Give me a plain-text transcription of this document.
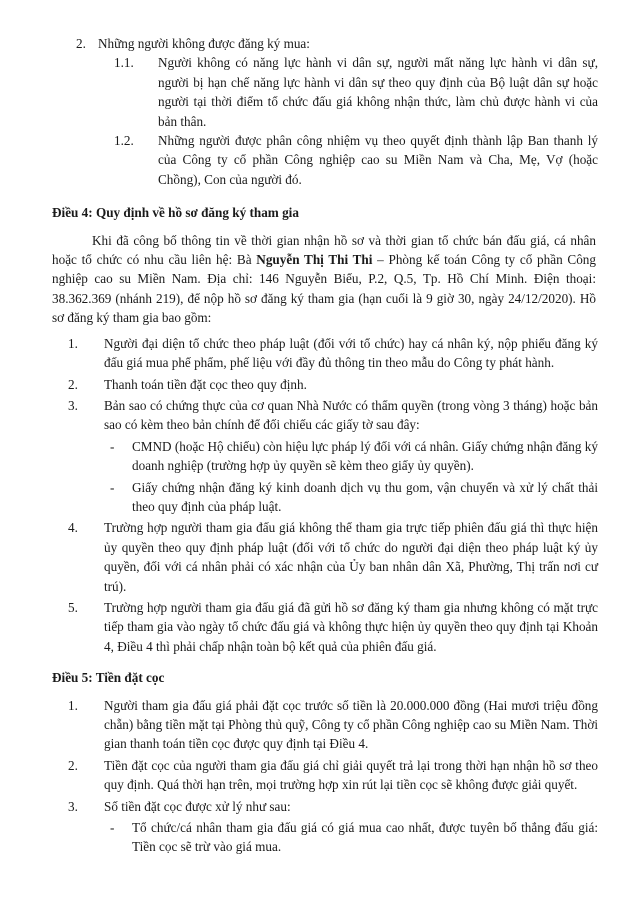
2. Những người không được đăng ký mua:
1.1.	Người không có năng lực hành vi dân sự, người mất năng lực hành vi dân sự, người bị hạn chế năng lực hành vi dân sự theo quy định của Bộ luật dân sự hoặc người tại thời điểm tổ chức đấu giá không nhận thức, làm chủ được hành vi của bản thân.
1.2.	Những người được phân công nhiệm vụ theo quyết định thành lập Ban thanh lý của Công ty cổ phần Công nghiệp cao su Miền Nam và Cha, Mẹ, Vợ (hoặc Chồng), Con của người đó.
Điều 4: Quy định về hồ sơ đăng ký tham gia
Khi đã công bố thông tin về thời gian nhận hồ sơ và thời gian tổ chức bán đấu giá, cá nhân hoặc tổ chức có nhu cầu liên hệ: Bà Nguyễn Thị Thi Thi – Phòng kế toán Công ty cổ phần Công nghiệp cao su Miền Nam. Địa chỉ: 146 Nguyễn Biểu, P.2, Q.5, Tp. Hồ Chí Minh. Điện thoại: 38.362.369 (nhánh 219), để nộp hồ sơ đăng ký tham gia (hạn cuối là 9 giờ 30, ngày 24/12/2020). Hồ sơ đăng ký tham gia bao gồm:
1.	Người đại diện tổ chức theo pháp luật (đối với tổ chức) hay cá nhân ký, nộp phiếu đăng ký đấu giá mua phế phẩm, phế liệu với đầy đủ thông tin theo mẫu do Công ty phát hành.
2.	Thanh toán tiền đặt cọc theo quy định.
3.	Bản sao có chứng thực của cơ quan Nhà Nước có thẩm quyền (trong vòng 3 tháng) hoặc bản sao có kèm theo bản chính để đối chiếu các giấy tờ sau đây:
-	CMND (hoặc Hộ chiếu) còn hiệu lực pháp lý đối với cá nhân. Giấy chứng nhận đăng ký doanh nghiệp (trường hợp ủy quyền sẽ kèm theo giấy ủy quyền).
-	Giấy chứng nhận đăng ký kinh doanh dịch vụ thu gom, vận chuyển và xử lý chất thải theo quy định của pháp luật.
4.	Trường hợp người tham gia đấu giá không thể tham gia trực tiếp phiên đấu giá thì thực hiện ủy quyền theo quy định pháp luật (đối với tổ chức do người đại diện theo pháp luật ký ủy quyền, đối với cá nhân phải có xác nhận của Ủy ban nhân dân Xã, Phường, Thị trấn nơi cư trú).
5.	Trường hợp người tham gia đấu giá đã gửi hồ sơ đăng ký tham gia nhưng không có mặt trực tiếp tham gia vào ngày tổ chức đấu giá và không thực hiện ủy quyền theo quy định tại Khoản 4, Điều 4 thì phải chấp nhận toàn bộ kết quả của phiên đấu giá.
Điều 5: Tiền đặt cọc
1.	Người tham gia đấu giá phải đặt cọc trước số tiền là 20.000.000 đồng (Hai mươi triệu đồng chẵn) bằng tiền mặt tại Phòng thủ quỹ, Công ty cổ phần Công nghiệp cao su Miền Nam. Thời gian thanh toán tiền cọc được quy định tại Điều 4.
2.	Tiền đặt cọc của người tham gia đấu giá chỉ giải quyết trả lại trong thời hạn nhận hồ sơ theo quy định. Quá thời hạn trên, mọi trường hợp xin rút lại tiền cọc sẽ không được giải quyết.
3.	Số tiền đặt cọc được xử lý như sau:
-	Tổ chức/cá nhân tham gia đấu giá có giá mua cao nhất, được tuyên bố thắng đấu giá: Tiền cọc sẽ trừ vào giá mua.
